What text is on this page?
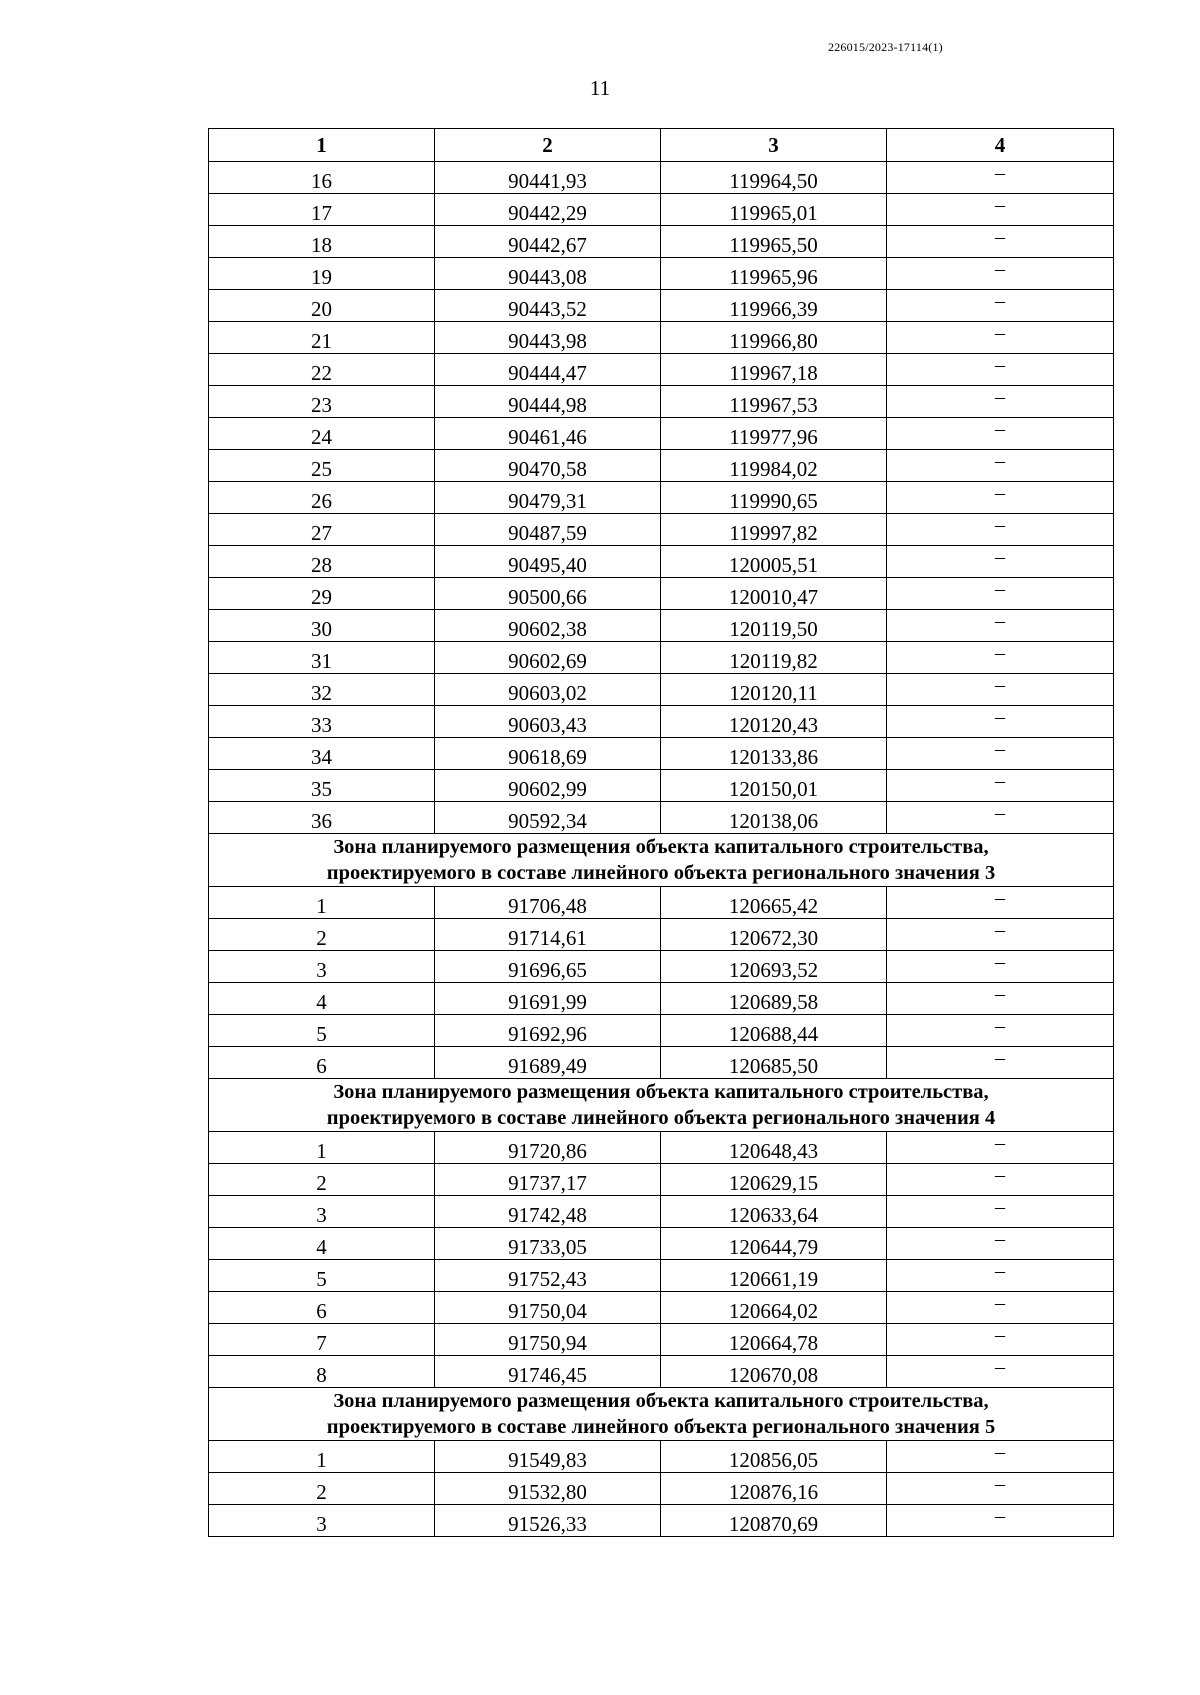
226015/2023-17114(1)
11
1	2	3	4
16	90441,93	119964,50	–
17	90442,29	119965,01	–
18	90442,67	119965,50	–
19	90443,08	119965,96	–
20	90443,52	119966,39	–
21	90443,98	119966,80	–
22	90444,47	119967,18	–
23	90444,98	119967,53	–
24	90461,46	119977,96	–
25	90470,58	119984,02	–
26	90479,31	119990,65	–
27	90487,59	119997,82	–
28	90495,40	120005,51	–
29	90500,66	120010,47	–
30	90602,38	120119,50	–
31	90602,69	120119,82	–
32	90603,02	120120,11	–
33	90603,43	120120,43	–
34	90618,69	120133,86	–
35	90602,99	120150,01	–
36	90592,34	120138,06	–

Зона планируемого размещения объекта капитального строительства,
проектируемого в составе линейного объекта регионального значения 3			

1	91706,48	120665,42	–
2	91714,61	120672,30	–
3	91696,65	120693,52	–
4	91691,99	120689,58	–
5	91692,96	120688,44	–
6	91689,49	120685,50	–

Зона планируемого размещения объекта капитального строительства,
проектируемого в составе линейного объекта регионального значения 4			

1	91720,86	120648,43	–
2	91737,17	120629,15	–
3	91742,48	120633,64	–
4	91733,05	120644,79	–
5	91752,43	120661,19	–
6	91750,04	120664,02	–
7	91750,94	120664,78	–
8	91746,45	120670,08	–

Зона планируемого размещения объекта капитального строительства,
проектируемого в составе линейного объекта регионального значения 5			

1	91549,83	120856,05	–
2	91532,80	120876,16	–
3	91526,33	120870,69	–
